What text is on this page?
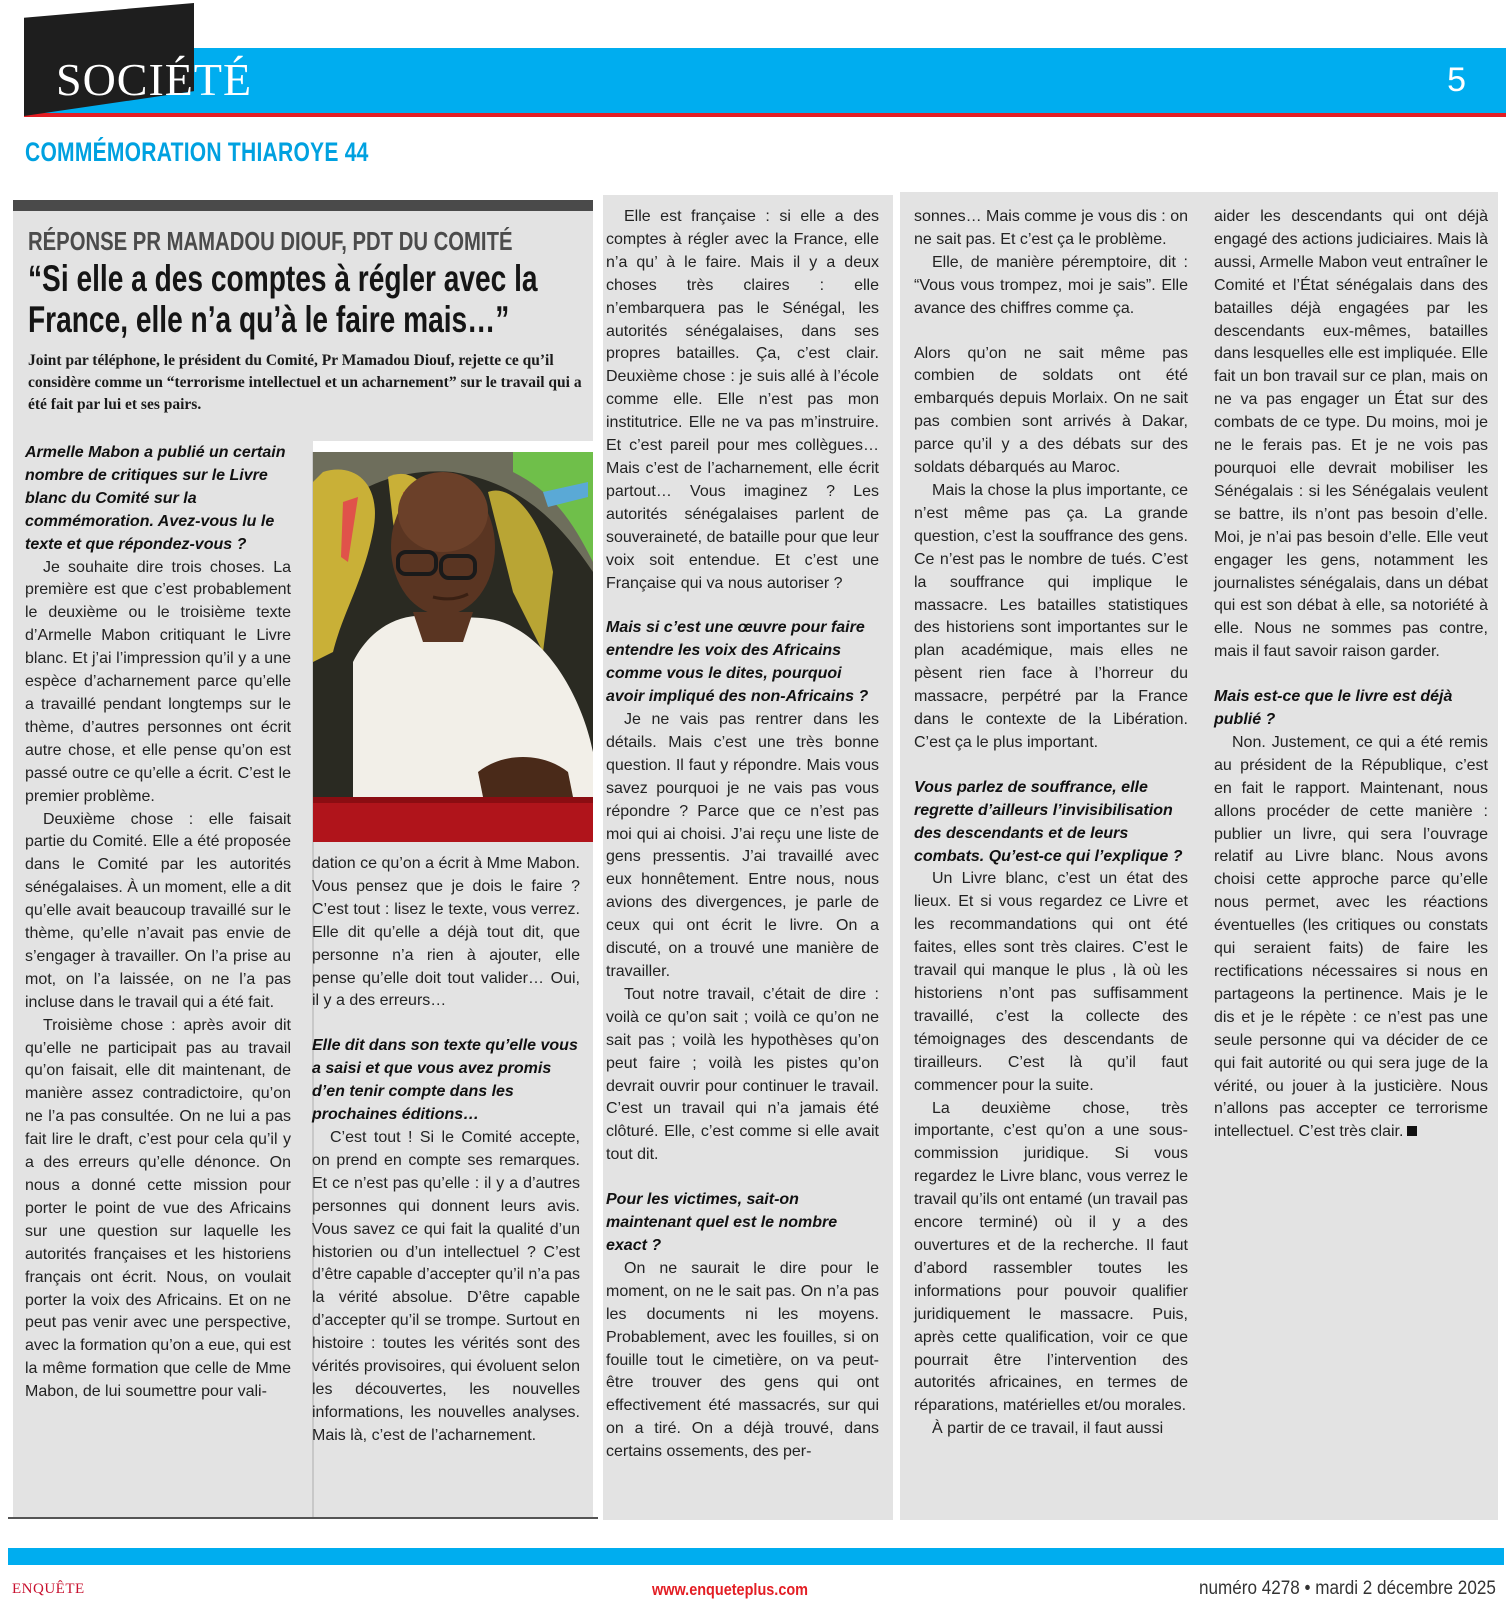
SOCIÉTÉ	5
COMMÉMORATION THIAROYE 44
RÉPONSE PR MAMADOU DIOUF, PDT DU COMITÉ
“Si elle a des comptes à régler avec la France, elle n’a qu’à le faire mais…”
Joint par téléphone, le président du Comité, Pr Mamadou Diouf, rejette ce qu’il considère comme un “terrorisme intellectuel et un acharnement” sur le travail qui a été fait par lui et ses pairs.
Armelle Mabon a publié un certain nombre de critiques sur le Livre blanc du Comité sur la commémoration. Avez-vous lu le texte et que répondez-vous ?

Je souhaite dire trois choses. La première est que c’est probablement le deuxième ou le troisième texte d’Armelle Mabon critiquant le Livre blanc. Et j’ai l’impression qu’il y a une espèce d’acharnement parce qu’elle a travaillé pendant longtemps sur le thème, d’autres personnes ont écrit autre chose, et elle pense qu’on est passé outre ce qu’elle a écrit. C’est le premier problème.

Deuxième chose : elle faisait partie du Comité. Elle a été proposée dans le Comité par les autorités sénégalaises. À un moment, elle a dit qu’elle avait beaucoup travaillé sur le thème, qu’elle n’avait pas envie de s’engager à travailler. On l’a prise au mot, on l’a laissée, on ne l’a pas incluse dans le travail qui a été fait.

Troisième chose : après avoir dit qu’elle ne participait pas au travail qu’on faisait, elle dit maintenant, de manière assez contradictoire, qu’on ne l’a pas consultée. On ne lui a pas fait lire le draft, c’est pour cela qu’il y a des erreurs qu’elle dénonce. On nous a donné cette mission pour porter le point de vue des Africains sur une question sur laquelle les autorités françaises et les historiens français ont écrit. Nous, on voulait porter la voix des Africains. Et on ne peut pas venir avec une perspective, avec la formation qu’on a eue, qui est la même formation que celle de Mme Mabon, de lui soumettre pour vali-

dation ce qu’on a écrit à Mme Mabon. Vous pensez que je dois le faire ? C’est tout : lisez le texte, vous verrez. Elle dit qu’elle a déjà tout dit, que personne n’a rien à ajouter, elle pense qu’elle doit tout valider… Oui, il y a des erreurs…

Elle dit dans son texte qu’elle vous a saisi et que vous avez promis d’en tenir compte dans les prochaines éditions…

C’est tout ! Si le Comité accepte, on prend en compte ses remarques. Et ce n’est pas qu’elle : il y a d’autres personnes qui donnent leurs avis. Vous savez ce qui fait la qualité d’un historien ou d’un intellectuel ? C’est d’être capable d’accepter qu’il n’a pas la vérité absolue. D’être capable d’accepter qu’il se trompe. Surtout en histoire : toutes les vérités sont des vérités provisoires, qui évoluent selon les découvertes, les nouvelles informations, les nouvelles analyses. Mais là, c’est de l’acharnement.

Elle est française : si elle a des comptes à régler avec la France, elle n’a qu’ à le faire. Mais il y a deux choses très claires : elle n’embarquera pas le Sénégal, les autorités sénégalaises, dans ses propres batailles. Ça, c’est clair. Deuxième chose : je suis allé à l’école comme elle. Elle n’est pas mon institutrice. Elle ne va pas m’instruire. Et c’est pareil pour mes collègues… Mais c’est de l’acharnement, elle écrit partout… Vous imaginez ? Les autorités sénégalaises parlent de souveraineté, de bataille pour que leur voix soit entendue. Et c’est une Française qui va nous autoriser ?

Mais si c’est une œuvre pour faire entendre les voix des Africains comme vous le dites, pourquoi avoir impliqué des non-Africains ?

Je ne vais pas rentrer dans les détails. Mais c’est une très bonne question. Il faut y répondre. Mais vous savez pourquoi je ne vais pas vous répondre ? Parce que ce n’est pas moi qui ai choisi. J’ai reçu une liste de gens pressentis. J’ai travaillé avec eux honnêtement. Entre nous, nous avions des divergences, je parle de ceux qui ont écrit le livre. On a discuté, on a trouvé une manière de travailler.

Tout notre travail, c’était de dire : voilà ce qu’on sait ; voilà ce qu’on ne sait pas ; voilà les hypothèses qu’on peut faire ; voilà les pistes qu’on devrait ouvrir pour continuer le travail. C’est un travail qui n’a jamais été clôturé. Elle, c’est comme si elle avait tout dit.

Pour les victimes, sait-on maintenant quel est le nombre exact ?

On ne saurait le dire pour le moment, on ne le sait pas. On n’a pas les documents ni les moyens. Probablement, avec les fouilles, si on fouille tout le cimetière, on va peut-être trouver des gens qui ont effectivement été massacrés, sur qui on a tiré. On a déjà trouvé, dans certains ossements, des per-

sonnes… Mais comme je vous dis : on ne sait pas. Et c’est ça le problème.

Elle, de manière péremptoire, dit : “Vous vous trompez, moi je sais”. Elle avance des chiffres comme ça.

Alors qu’on ne sait même pas combien de soldats ont été embarqués depuis Morlaix. On ne sait pas combien sont arrivés à Dakar, parce qu’il y a des débats sur des soldats débarqués au Maroc.

Mais la chose la plus importante, ce n’est même pas ça. La grande question, c’est la souffrance des gens. Ce n’est pas le nombre de tués. C’est la souffrance qui implique le massacre. Les batailles statistiques des historiens sont importantes sur le plan académique, mais elles ne pèsent rien face à l’horreur du massacre, perpétré par la France dans le contexte de la Libération. C’est ça le plus important.

Vous parlez de souffrance, elle regrette d’ailleurs l’invisibilisation des descendants et de leurs combats. Qu’est-ce qui l’explique ?

Un Livre blanc, c’est un état des lieux. Et si vous regardez ce Livre et les recommandations qui ont été faites, elles sont très claires. C’est le travail qui manque le plus , là où les historiens n’ont pas suffisamment travaillé, c’est la collecte des témoignages des descendants de tirailleurs. C’est là qu’il faut commencer pour la suite.

La deuxième chose, très importante, c’est qu’on a une sous-commission juridique. Si vous regardez le Livre blanc, vous verrez le travail qu’ils ont entamé (un travail pas encore terminé) où il y a des ouvertures et de la recherche. Il faut d’abord rassembler toutes les informations pour pouvoir qualifier juridiquement le massacre. Puis, après cette qualification, voir ce que pourrait être l’intervention des autorités africaines, en termes de réparations, matérielles et/ou morales.

À partir de ce travail, il faut aussi

aider les descendants qui ont déjà engagé des actions judiciaires. Mais là aussi, Armelle Mabon veut entraîner le Comité et l’État sénégalais dans des batailles déjà engagées par les descendants eux-mêmes, batailles dans lesquelles elle est impliquée. Elle fait un bon travail sur ce plan, mais on ne va pas engager un État sur des combats de ce type. Du moins, moi je ne le ferais pas. Et je ne vois pas pourquoi elle devrait mobiliser les Sénégalais : si les Sénégalais veulent se battre, ils n’ont pas besoin d’elle. Moi, je n’ai pas besoin d’elle. Elle veut engager les gens, notamment les journalistes sénégalais, dans un débat qui est son débat à elle, sa notoriété à elle. Nous ne sommes pas contre, mais il faut savoir raison garder.

Mais est-ce que le livre est déjà publié ?

Non. Justement, ce qui a été remis au président de la République, c’est en fait le rapport. Maintenant, nous allons procéder de cette manière : publier un livre, qui sera l’ouvrage relatif au Livre blanc. Nous avons choisi cette approche parce qu’elle nous permet, avec les réactions éventuelles (les critiques ou constats qui seraient faits) de faire les rectifications nécessaires si nous en partageons la pertinence. Mais je le dis et je le répète : ce n’est pas une seule personne qui va décider de ce qui fait autorité ou qui sera juge de la vérité, ou jouer à la justicière. Nous n’allons pas accepter ce terrorisme intellectuel. C’est très clair.

ENQUÊTE	www.enqueteplus.com	numéro 4278 • mardi 2 décembre 2025
